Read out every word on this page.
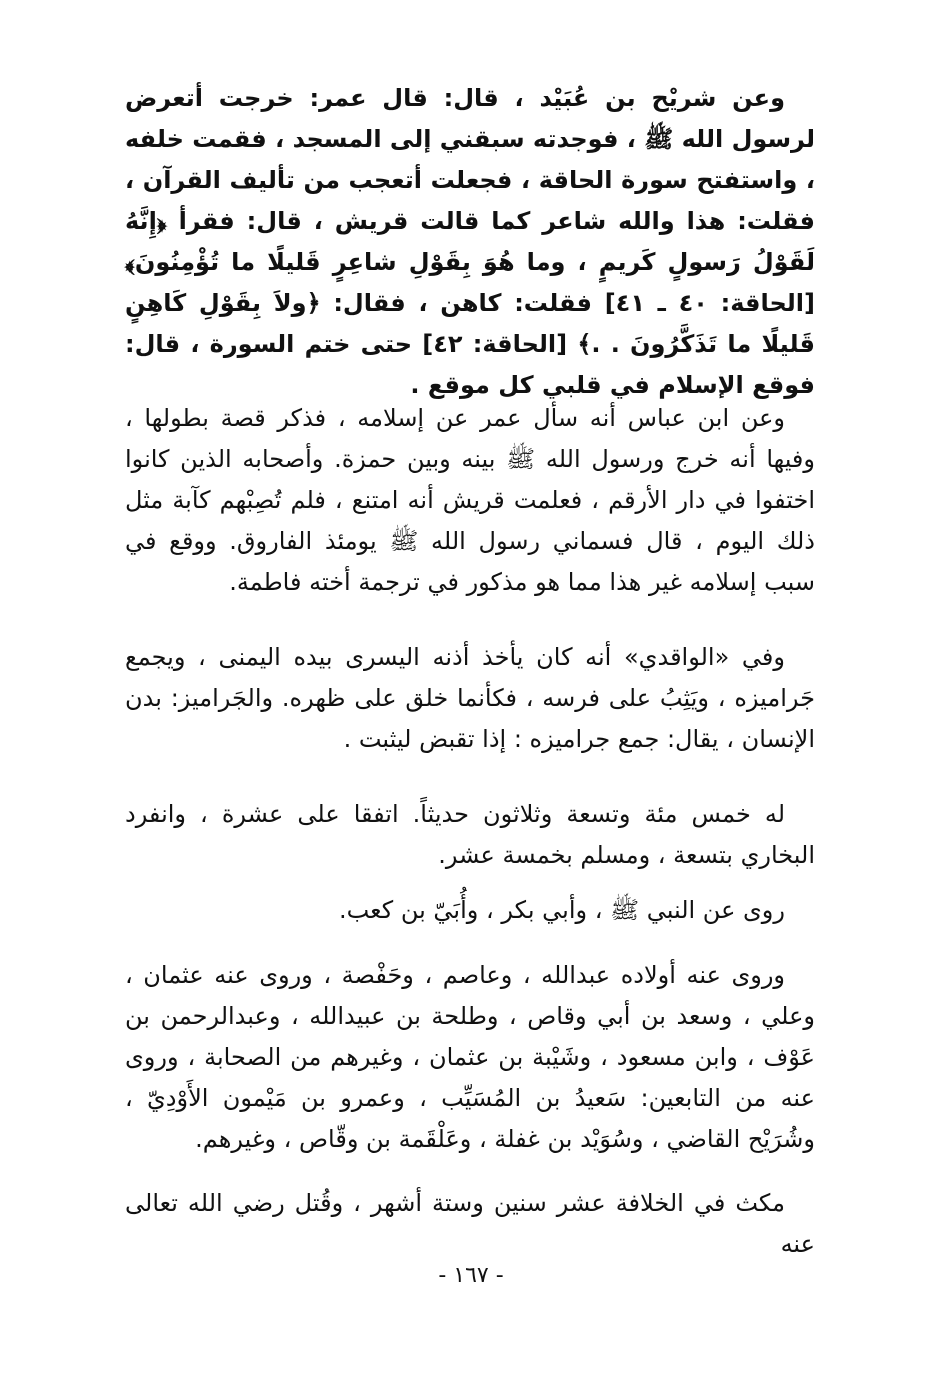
وعن شريْح بن عُبَيْد ، قال: قال عمر: خرجت أتعرض لرسول الله ﷺ ، فوجدته سبقني إلى المسجد ، فقمت خلفه ، واستفتح سورة الحاقة ، فجعلت أتعجب من تأليف القرآن ، فقلت: هذا والله شاعر كما قالت قريش ، قال: فقرأ ﴿إِنَّهُ لَقَوْلُ رَسولٍ كَريمٍ ، وما هُوَ بِقَوْلِ شاعِرٍ قَليلًا ما تُؤْمِنُونَ﴾ [الحاقة: ٤٠ ـ ٤١] فقلت: كاهن ، فقال: ﴿ولاَ بِقَوْلِ كَاهِنٍ قَليلًا ما تَذَكَّرُونَ . .﴾ [الحاقة: ٤٢] حتى ختم السورة ، قال: فوقع الإسلام في قلبي كل موقع .

وعن ابن عباس أنه سأل عمر عن إسلامه ، فذكر قصة بطولها ، وفيها أنه خرج ورسول الله ﷺ بينه وبين حمزة. وأصحابه الذين كانوا اختفوا في دار الأرقم ، فعلمت قريش أنه امتنع ، فلم تُصِبْهم كآبة مثل ذلك اليوم ، قال فسماني رسول الله ﷺ يومئذ الفاروق. ووقع في سبب إسلامه غير هذا مما هو مذكور في ترجمة أخته فاطمة.

وفي «الواقدي» أنه كان يأخذ أذنه اليسرى بيده اليمنى ، ويجمع جَراميزه ، ويَثِبُ على فرسه ، فكأنما خلق على ظهره. والجَراميز: بدن الإنسان ، يقال: جمع جراميزه : إذا تقبض ليثبت .

له خمس مئة وتسعة وثلاثون حديثاً. اتفقا على عشرة ، وانفرد البخاري بتسعة ، ومسلم بخمسة عشر.

روى عن النبي ﷺ ، وأبي بكر ، وأُبَيّ بن كعب.

وروى عنه أولاده عبدالله ، وعاصم ، وحَفْصة ، وروى عنه عثمان ، وعلي ، وسعد بن أبي وقاص ، وطلحة بن عبيدالله ، وعبدالرحمن بن عَوْف ، وابن مسعود ، وشَيْبة بن عثمان ، وغيرهم من الصحابة ، وروى عنه من التابعين: سَعيدُ بن المُسَيِّب ، وعمرو بن مَيْمون الأَوْدِيّ ، وشُرَيْح القاضي ، وسُوَيْد بن غفلة ، وعَلْقَمة بن وقّاص ، وغيرهم.

مكث في الخلافة عشر سنين وستة أشهر ، وقُتل رضي الله تعالى عنه

- ١٦٧ -
